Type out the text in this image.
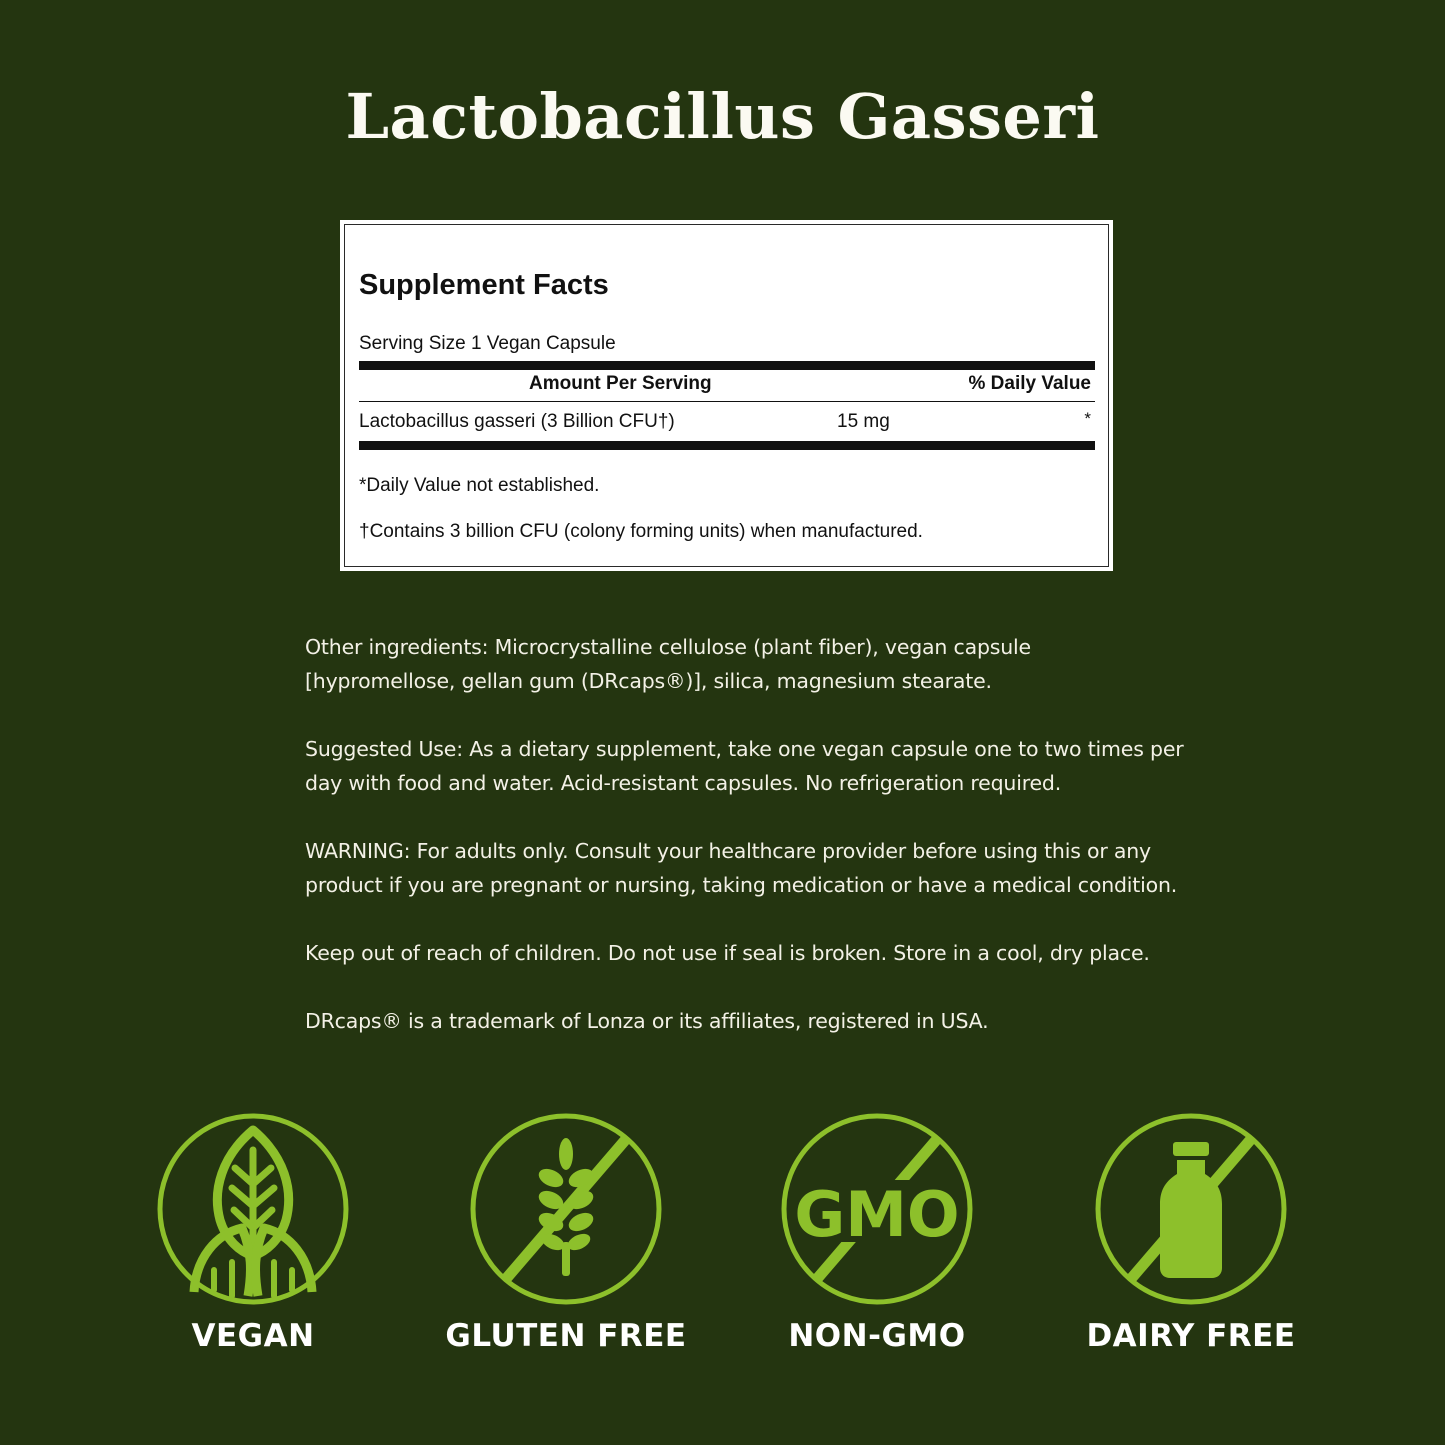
Lactobacillus Gasseri
Supplement Facts
Serving Size 1 Vegan Capsule
Amount Per Serving	% Daily Value
Lactobacillus gasseri (3 Billion CFU†)	15 mg	*
*Daily Value not established.
†Contains 3 billion CFU (colony forming units) when manufactured.

Other ingredients: Microcrystalline cellulose (plant fiber), vegan capsule [hypromellose, gellan gum (DRcaps®)], silica, magnesium stearate.

Suggested Use: As a dietary supplement, take one vegan capsule one to two times per day with food and water. Acid-resistant capsules. No refrigeration required.

WARNING: For adults only. Consult your healthcare provider before using this or any product if you are pregnant or nursing, taking medication or have a medical condition.

Keep out of reach of children. Do not use if seal is broken. Store in a cool, dry place.

DRcaps® is a trademark of Lonza or its affiliates, registered in USA.

VEGAN	GLUTEN FREE
GMO
NON-GMO	DAIRY FREE
